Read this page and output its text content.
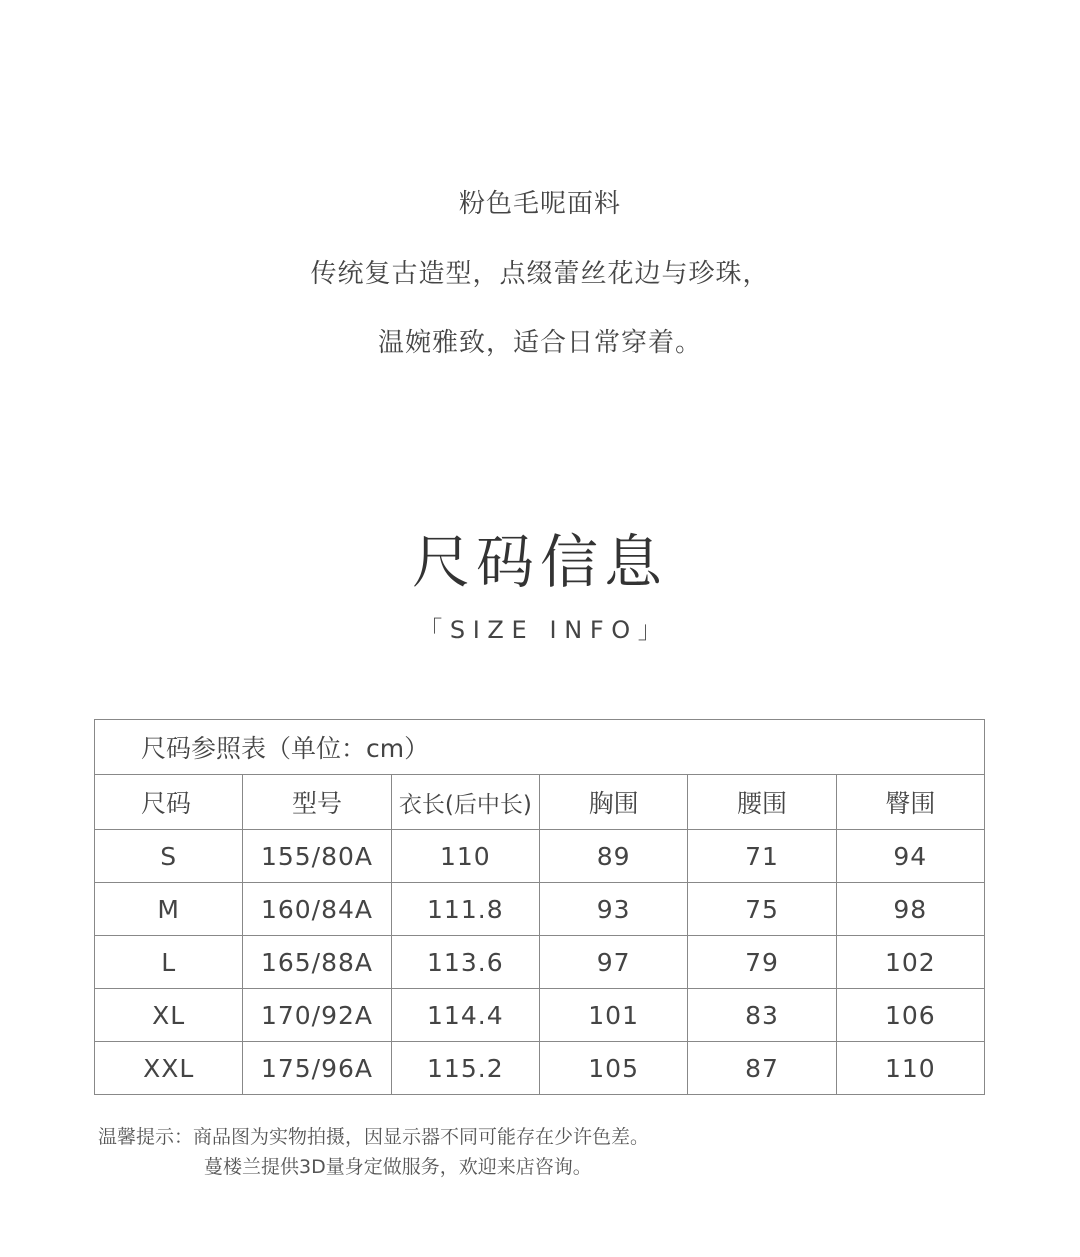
粉色毛呢面料
传统复古造型，点缀蕾丝花边与珍珠，
温婉雅致，适合日常穿着。
尺码信息
「 S I Z E   I N F O 」
尺码参照表（单位：cm）					
尺码	型号	衣长(后中长)	胸围	腰围	臀围
S	155/80A	110	89	71	94
M	160/84A	111.8	93	75	98
L	165/88A	113.6	97	79	102
XL	170/92A	114.4	101	83	106
XXL	175/96A	115.2	105	87	110
温馨提示：商品图为实物拍摄，因显示器不同可能存在少许色差。
蔓楼兰提供3D量身定做服务，欢迎来店咨询。
